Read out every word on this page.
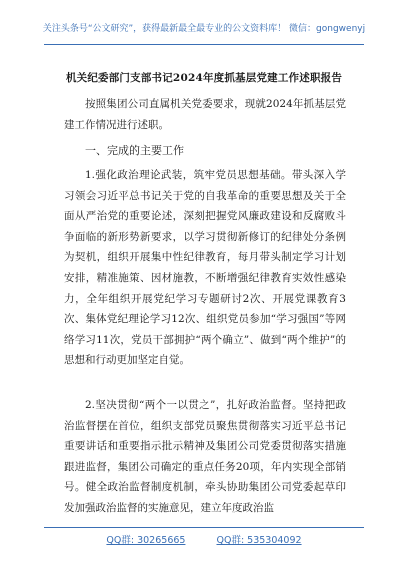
关注头条号“公文研究”，获得最新最全最专业的公文资料库！ 微信：gongwenyj
机关纪委部门支部书记2024年度抓基层党建工作述职报告

按照集团公司直属机关党委要求，现就2024年抓基层党建工作情况进行述职。

一、完成的主要工作

1.强化政治理论武装，筑牢党员思想基础。带头深入学习领会习近平总书记关于党的自我革命的重要思想及关于全面从严治党的重要论述，深刻把握党风廉政建设和反腐败斗争面临的新形势新要求，以学习贯彻新修订的纪律处分条例为契机，组织开展集中性纪律教育，每月带头制定学习计划安排，精准施策、因材施教，不断增强纪律教育实效性感染力，全年组织开展党纪学习专题研讨2次、开展党课教育3次、集体党纪理论学习12次、组织党员参加“学习强国”等网络学习11次，党员干部拥护“两个确立”、做到“两个维护”的思想和行动更加坚定自觉。

2.坚决贯彻“两个一以贯之”，扎好政治监督。坚持把政治监督摆在首位，组织支部党员聚焦贯彻落实习近平总书记重要讲话和重要指示批示精神及集团公司党委贯彻落实措施跟进监督，集团公司确定的重点任务20项，年内实现全部销号。健全政治监督制度机制，牵头协助集团公司党委起草印发加强政治监督的实施意见，建立年度政治监

QQ群: 30265665	QQ群: 535304092
